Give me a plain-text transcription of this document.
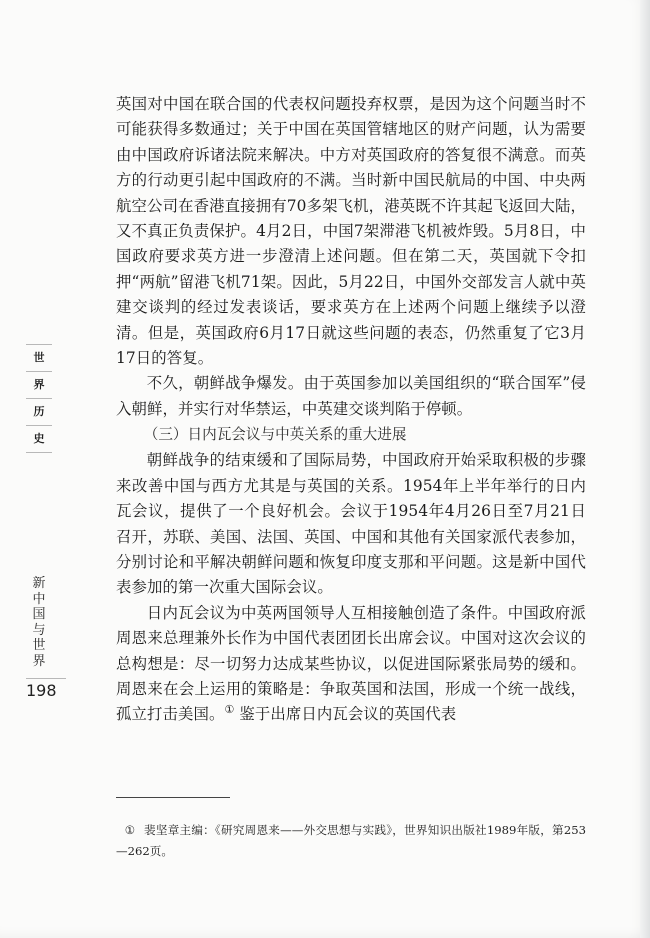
世
界
历
史
新中国与世界
198

英国对中国在联合国的代表权问题投弃权票，是因为这个问题当时不可能获得多数通过；关于中国在英国管辖地区的财产问题，认为需要由中国政府诉诸法院来解决。中方对英国政府的答复很不满意。而英方的行动更引起中国政府的不满。当时新中国民航局的中国、中央两航空公司在香港直接拥有70多架飞机，港英既不许其起飞返回大陆，又不真正负责保护。4月2日，中国7架滞港飞机被炸毁。5月8日，中国政府要求英方进一步澄清上述问题。但在第二天，英国就下令扣押“两航”留港飞机71架。因此，5月22日，中国外交部发言人就中英建交谈判的经过发表谈话，要求英方在上述两个问题上继续予以澄清。但是，英国政府6月17日就这些问题的表态，仍然重复了它3月17日的答复。

不久，朝鲜战争爆发。由于英国参加以美国组织的“联合国军”侵入朝鲜，并实行对华禁运，中英建交谈判陷于停顿。

（三）日内瓦会议与中英关系的重大进展

朝鲜战争的结束缓和了国际局势，中国政府开始采取积极的步骤来改善中国与西方尤其是与英国的关系。1954年上半年举行的日内瓦会议，提供了一个良好机会。会议于1954年4月26日至7月21日召开，苏联、美国、法国、英国、中国和其他有关国家派代表参加，分别讨论和平解决朝鲜问题和恢复印度支那和平问题。这是新中国代表参加的第一次重大国际会议。

日内瓦会议为中英两国领导人互相接触创造了条件。中国政府派周恩来总理兼外长作为中国代表团团长出席会议。中国对这次会议的总构想是：尽一切努力达成某些协议，以促进国际紧张局势的缓和。周恩来在会上运用的策略是：争取英国和法国，形成一个统一战线，孤立打击美国。① 鉴于出席日内瓦会议的英国代表

① 裴坚章主编：《研究周恩来——外交思想与实践》，世界知识出版社1989年版，第253—262页。
